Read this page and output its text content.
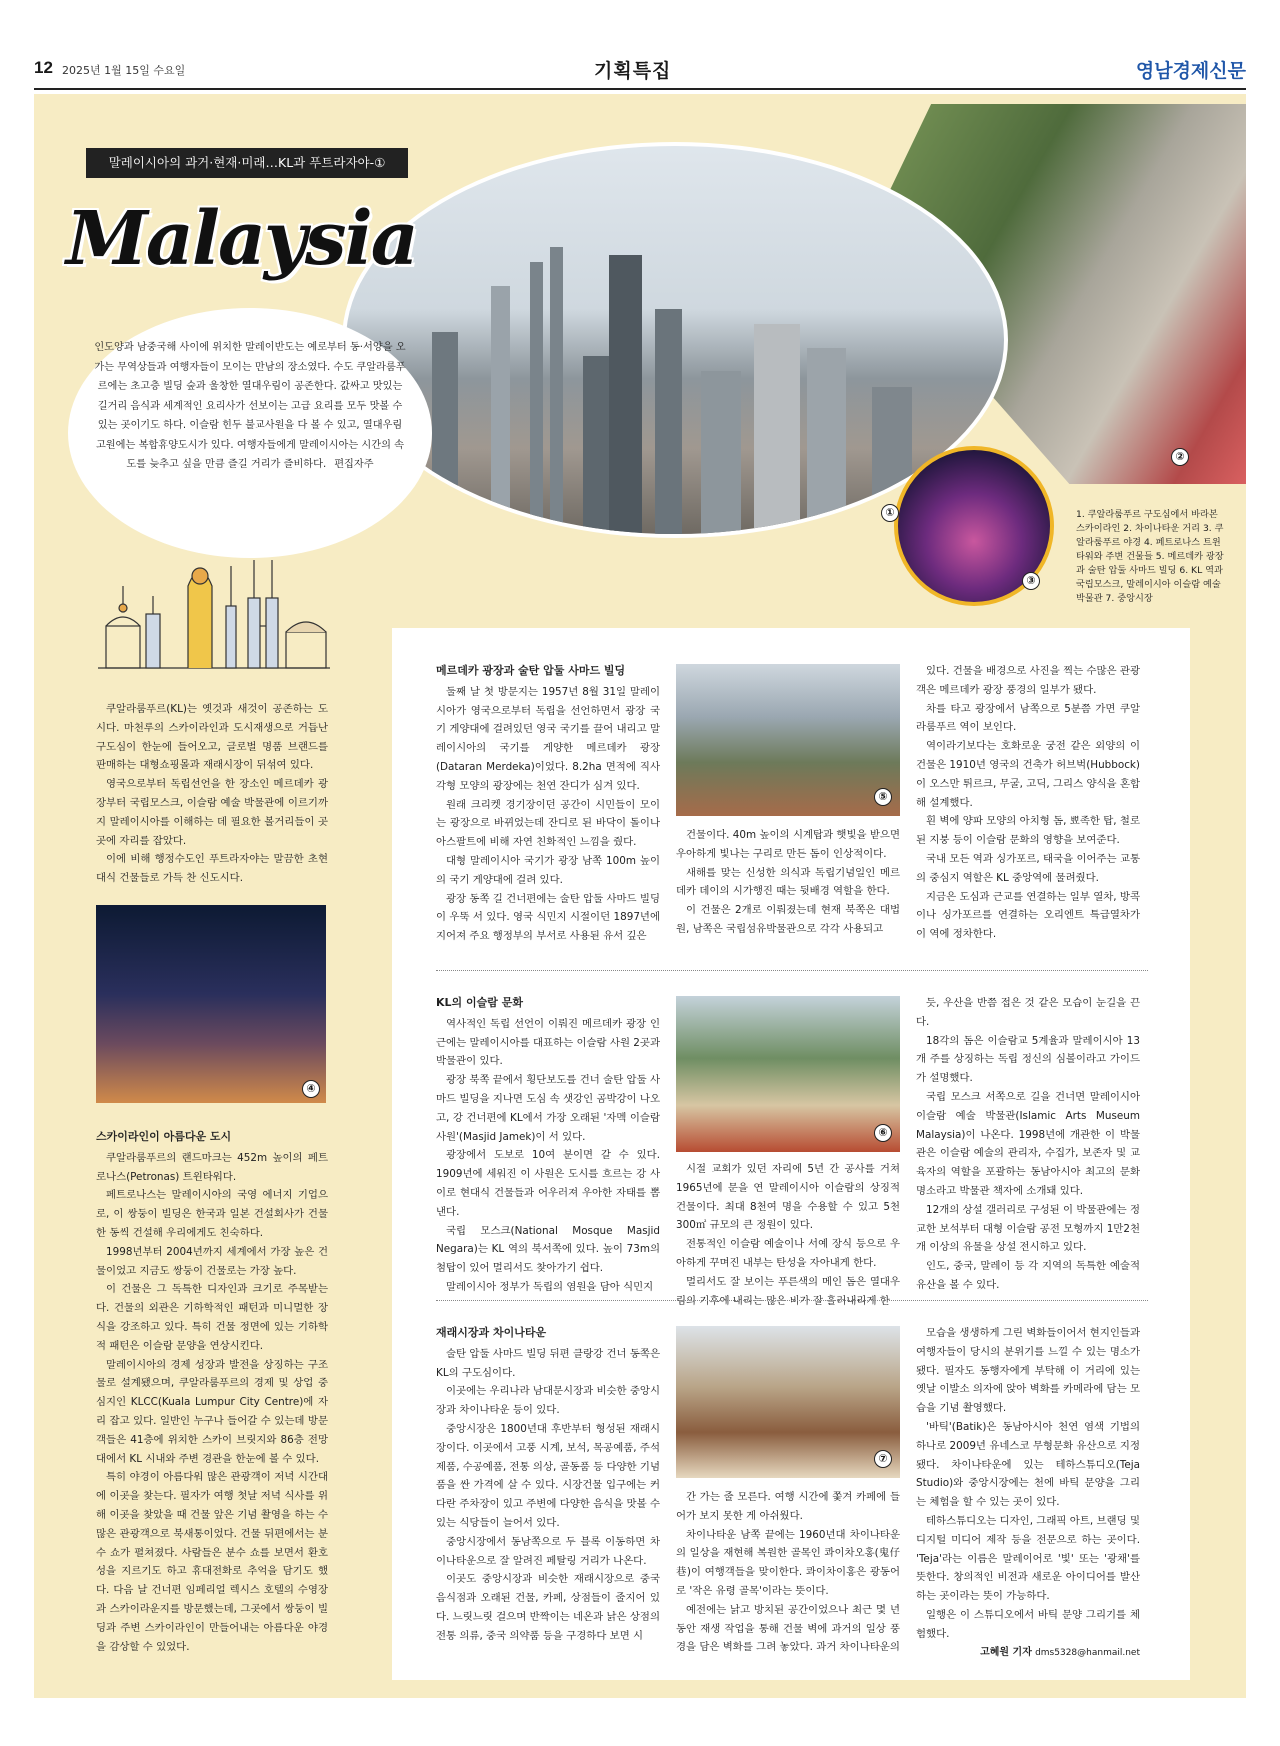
12 2025년 1월 15일 수요일	기획특집	영남경제신문
①
②
③
말레이시아의 과거·현재·미래…KL과 푸트라자야-①
Malaysia
인도양과 남중국해 사이에 위치한 말레이반도는 예로부터 동·서양을 오가는 무역상들과 여행자들이 모이는 만남의 장소였다. 수도 쿠알라룸푸르에는 초고층 빌딩 숲과 울창한 열대우림이 공존한다. 값싸고 맛있는 길거리 음식과 세계적인 요리사가 선보이는 고급 요리를 모두 맛볼 수 있는 곳이기도 하다. 이슬람 힌두 불교사원을 다 볼 수 있고, 열대우림 고원에는 복합휴양도시가 있다. 여행자들에게 말레이시아는 시간의 속도를 늦추고 싶을 만큼 즐길 거리가 즐비하다. 편집자주
1. 쿠알라룸푸르 구도심에서 바라본 스카이라인 2. 차이나타운 거리 3. 쿠알라룸푸르 야경 4. 페트로나스 트윈타워와 주변 건물들 5. 메르데카 광장과 술탄 압둘 사마드 빌딩 6. KL 역과 국립모스크, 말레이시아 이슬람 예술 박물관 7. 중앙시장

쿠알라룸푸르(KL)는 옛것과 새것이 공존하는 도시다. 마천루의 스카이라인과 도시재생으로 거듭난 구도심이 한눈에 들어오고, 글로벌 명품 브랜드를 판매하는 대형쇼핑몰과 재래시장이 뒤섞여 있다.

영국으로부터 독립선언을 한 장소인 메르데카 광장부터 국립모스크, 이슬람 예술 박물관에 이르기까지 말레이시아를 이해하는 데 필요한 볼거리들이 곳곳에 자리를 잡았다.

이에 비해 행정수도인 푸트라자야는 말끔한 초현대식 건물들로 가득 찬 신도시다.

④
스카이라인이 아름다운 도시

쿠알라룸푸르의 랜드마크는 452m 높이의 페트로나스(Petronas) 트윈타워다.

페트로나스는 말레이시아의 국영 에너지 기업으로, 이 쌍둥이 빌딩은 한국과 일본 건설회사가 건물 한 동씩 건설해 우리에게도 친숙하다.

1998년부터 2004년까지 세계에서 가장 높은 건물이었고 지금도 쌍둥이 건물로는 가장 높다.

이 건물은 그 독특한 디자인과 크기로 주목받는다. 건물의 외관은 기하학적인 패턴과 미니멀한 장식을 강조하고 있다. 특히 건물 정면에 있는 기하학적 패턴은 이슬람 문양을 연상시킨다.

말레이시아의 경제 성장과 발전을 상징하는 구조물로 설계됐으며, 쿠알라룸푸르의 경제 및 상업 중심지인 KLCC(Kuala Lumpur City Centre)에 자리 잡고 있다. 일반인 누구나 들어갈 수 있는데 방문객들은 41층에 위치한 스카이 브릿지와 86층 전망대에서 KL 시내와 주변 경관을 한눈에 볼 수 있다.

특히 야경이 아름다워 많은 관광객이 저녁 시간대에 이곳을 찾는다. 필자가 여행 첫날 저녁 식사를 위해 이곳을 찾았을 때 건물 앞은 기념 촬영을 하는 수많은 관광객으로 북새통이었다. 건물 뒤편에서는 분수 쇼가 펼쳐졌다. 사람들은 분수 쇼를 보면서 환호성을 지르기도 하고 휴대전화로 추억을 담기도 했다. 다음 날 건너편 임페리얼 렉시스 호텔의 수영장과 스카이라운지를 방문했는데, 그곳에서 쌍둥이 빌딩과 주변 스카이라인이 만들어내는 아름다운 야경을 감상할 수 있었다.

메르데카 광장과 술탄 압둘 사마드 빌딩

둘째 날 첫 방문지는 1957년 8월 31일 말레이시아가 영국으로부터 독립을 선언하면서 광장 국기 게양대에 걸려있던 영국 국기를 끌어 내리고 말레이시아의 국기를 게양한 메르데카 광장(Dataran Merdeka)이었다. 8.2ha 면적에 직사각형 모양의 광장에는 천연 잔디가 심겨 있다.

원래 크리켓 경기장이던 공간이 시민들이 모이는 광장으로 바뀌었는데 잔디로 된 바닥이 돌이나 아스팔트에 비해 자연 친화적인 느낌을 줬다.

대형 말레이시아 국기가 광장 남쪽 100m 높이의 국기 게양대에 걸려 있다.

광장 동쪽 길 건너편에는 술탄 압둘 사마드 빌딩이 우뚝 서 있다. 영국 식민지 시절이던 1897년에 지어져 주요 행정부의 부서로 사용된 유서 깊은

⑤

건물이다. 40m 높이의 시계탑과 햇빛을 받으면 우아하게 빛나는 구리로 만든 돔이 인상적이다.

새해를 맞는 신성한 의식과 독립기념일인 메르데카 데이의 시가행진 때는 뒷배경 역할을 한다.

이 건물은 2개로 이뤄졌는데 현재 북쪽은 대법원, 남쪽은 국립섬유박물관으로 각각 사용되고

있다. 건물을 배경으로 사진을 찍는 수많은 관광객은 메르데카 광장 풍경의 일부가 됐다.

차를 타고 광장에서 남쪽으로 5분쯤 가면 쿠알라룸푸르 역이 보인다.

역이라기보다는 호화로운 궁전 같은 외양의 이 건물은 1910년 영국의 건축가 허브벅(Hubbock)이 오스만 튀르크, 무굴, 고딕, 그리스 양식을 혼합해 설계했다.

흰 벽에 양파 모양의 아치형 돔, 뾰족한 탑, 철로된 지붕 등이 이슬람 문화의 영향을 보여준다.

국내 모든 역과 싱가포르, 태국을 이어주는 교통의 중심지 역할은 KL 중앙역에 물려줬다.

지금은 도심과 근교를 연결하는 일부 열차, 방콕이나 싱가포르를 연결하는 오리엔트 특급열차가 이 역에 정차한다.

KL의 이슬람 문화

역사적인 독립 선언이 이뤄진 메르데카 광장 인근에는 말레이시아를 대표하는 이슬람 사원 2곳과 박물관이 있다.

광장 북쪽 끝에서 횡단보도를 건너 술탄 압둘 사마드 빌딩을 지나면 도심 속 샛강인 곰박강이 나오고, 강 건너편에 KL에서 가장 오래된 '자멕 이슬람 사원'(Masjid Jamek)이 서 있다.

광장에서 도보로 10여 분이면 갈 수 있다. 1909년에 세워진 이 사원은 도시를 흐르는 강 사이로 현대식 건물들과 어우러져 우아한 자태를 뽐낸다.

국립 모스크(National Mosque Masjid Negara)는 KL 역의 북서쪽에 있다. 높이 73m의 첨탑이 있어 멀리서도 찾아가기 쉽다.

말레이시아 정부가 독립의 염원을 담아 식민지

⑥

시절 교회가 있던 자리에 5년 간 공사를 거쳐 1965년에 문을 연 말레이시아 이슬람의 상징적 건물이다. 최대 8천여 명을 수용할 수 있고 5천300㎡ 규모의 큰 정원이 있다.

전통적인 이슬람 예술이나 서예 장식 등으로 우아하게 꾸며진 내부는 탄성을 자아내게 한다.

멀리서도 잘 보이는 푸른색의 메인 돔은 열대우림의 기후에 내리는 많은 비가 잘 흘러내리게 한

듯, 우산을 반쯤 접은 것 같은 모습이 눈길을 끈다.

18각의 돔은 이슬람교 5계율과 말레이시아 13개 주를 상징하는 독립 정신의 심볼이라고 가이드가 설명했다.

국립 모스크 서쪽으로 길을 건너면 말레이시아 이슬람 예술 박물관(Islamic Arts Museum Malaysia)이 나온다. 1998년에 개관한 이 박물관은 이슬람 예술의 관리자, 수집가, 보존자 및 교육자의 역할을 포괄하는 동남아시아 최고의 문화명소라고 박물관 책자에 소개돼 있다.

12개의 상설 갤러리로 구성된 이 박물관에는 정교한 보석부터 대형 이슬람 공전 모형까지 1만2천 개 이상의 유물을 상설 전시하고 있다.

인도, 중국, 말레이 등 각 지역의 독특한 예술적 유산을 볼 수 있다.

재래시장과 차이나타운

술탄 압둘 사마드 빌딩 뒤편 클랑강 건너 동쪽은 KL의 구도심이다.

이곳에는 우리나라 남대문시장과 비슷한 중앙시장과 차이나타운 등이 있다.

중앙시장은 1800년대 후반부터 형성된 재래시장이다. 이곳에서 고풍 시계, 보석, 목공예품, 주석제품, 수공예품, 전통 의상, 골동품 등 다양한 기념품을 싼 가격에 살 수 있다. 시장건물 입구에는 커다란 주차장이 있고 주변에 다양한 음식을 맛볼 수 있는 식당들이 늘어서 있다.

중앙시장에서 동남쪽으로 두 블록 이동하면 차이나타운으로 잘 알려진 페탈링 거리가 나온다.

이곳도 중앙시장과 비슷한 재래시장으로 중국 음식점과 오래된 건물, 카페, 상점들이 줄지어 있다. 느릿느릿 걸으며 반짝이는 네온과 낡은 상점의 전통 의류, 중국 의약품 등을 구경하다 보면 시

⑦

간 가는 줄 모른다. 여행 시간에 쫓겨 카페에 들어가 보지 못한 게 아쉬웠다.

차이나타운 남쪽 끝에는 1960년대 차이나타운의 일상을 재현해 복원한 골목인 콰이차오홍(鬼仔巷)이 여행객들을 맞이한다. 콰이차이홍은 광동어로 '작은 유령 골목'이라는 뜻이다.

예전에는 낡고 방치된 공간이었으나 최근 몇 년 동안 재생 작업을 통해 건물 벽에 과거의 일상 풍경을 담은 벽화를 그려 놓았다. 과거 차이나타운의

모습을 생생하게 그린 벽화들이어서 현지인들과 여행자들이 당시의 분위기를 느낄 수 있는 명소가 됐다. 필자도 동행자에게 부탁해 이 거리에 있는 옛날 이발소 의자에 앉아 벽화를 카메라에 담는 모습을 기념 촬영했다.

'바틱'(Batik)은 동남아시아 천연 염색 기법의 하나로 2009년 유네스코 무형문화 유산으로 지정됐다. 차이나타운에 있는 테하스튜디오(Teja Studio)와 중앙시장에는 천에 바틱 문양을 그리는 체험을 할 수 있는 곳이 있다.

테하스튜디오는 디자인, 그래픽 아트, 브랜딩 및 디지털 미디어 제작 등을 전문으로 하는 곳이다. 'Teja'라는 이름은 말레이어로 '빛' 또는 '광채'를 뜻한다. 창의적인 비전과 새로운 아이디어를 발산하는 곳이라는 뜻이 가능하다.

일행은 이 스튜디오에서 바틱 문양 그리기를 체험했다.

고혜원 기자 dms5328@hanmail.net
